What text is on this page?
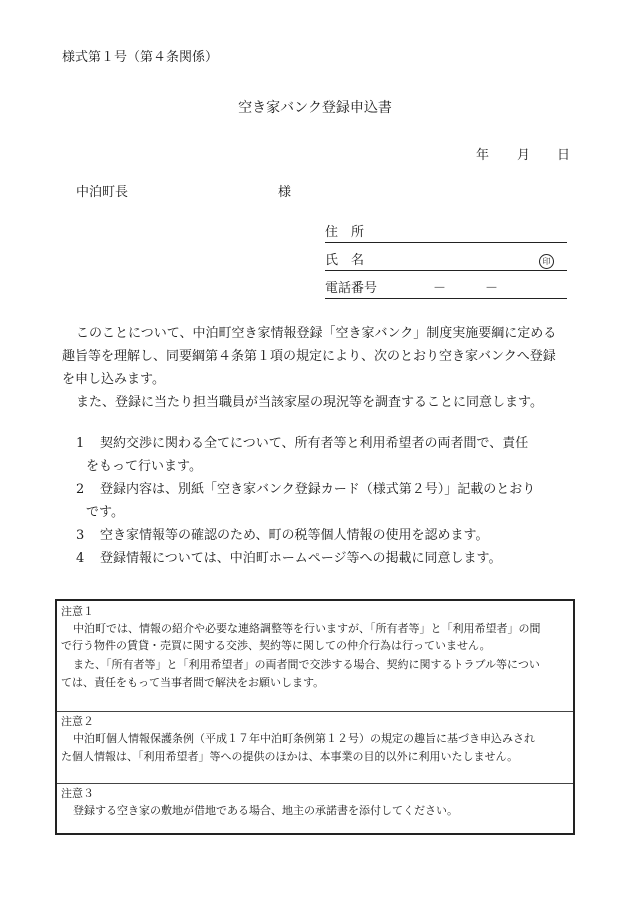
様式第１号（第４条関係）
空き家バンク登録申込書
年 月 日
中泊町長	様
住　所
氏　名	印
電話番号	－	－
このことについて、中泊町空き家情報登録「空き家バンク」制度実施要綱に定める
趣旨等を理解し、同要綱第４条第１項の規定により、次のとおり空き家バンクへ登録
を申し込みます。
また、登録に当たり担当職員が当該家屋の現況等を調査することに同意します。
1 契約交渉に関わる全てについて、所有者等と利用希望者の両者間で、責任
をもって行います。
2 登録内容は、別紙「空き家バンク登録カード（様式第２号）」記載のとおり
です。
3 空き家情報等の確認のため、町の税等個人情報の使用を認めます。
4 登録情報については、中泊町ホームページ等への掲載に同意します。
注意１
中泊町では、情報の紹介や必要な連絡調整等を行いますが、「所有者等」と「利用希望者」の間
で行う物件の賃貸・売買に関する交渉、契約等に関しての仲介行為は行っていません。
また、「所有者等」と「利用希望者」の両者間で交渉する場合、契約に関するトラブル等につい
ては、責任をもって当事者間で解決をお願いします。
注意２
中泊町個人情報保護条例（平成１７年中泊町条例第１２号）の規定の趣旨に基づき申込みされ
た個人情報は、「利用希望者」等への提供のほかは、本事業の目的以外に利用いたしません。
注意３
登録する空き家の敷地が借地である場合、地主の承諾書を添付してください。
